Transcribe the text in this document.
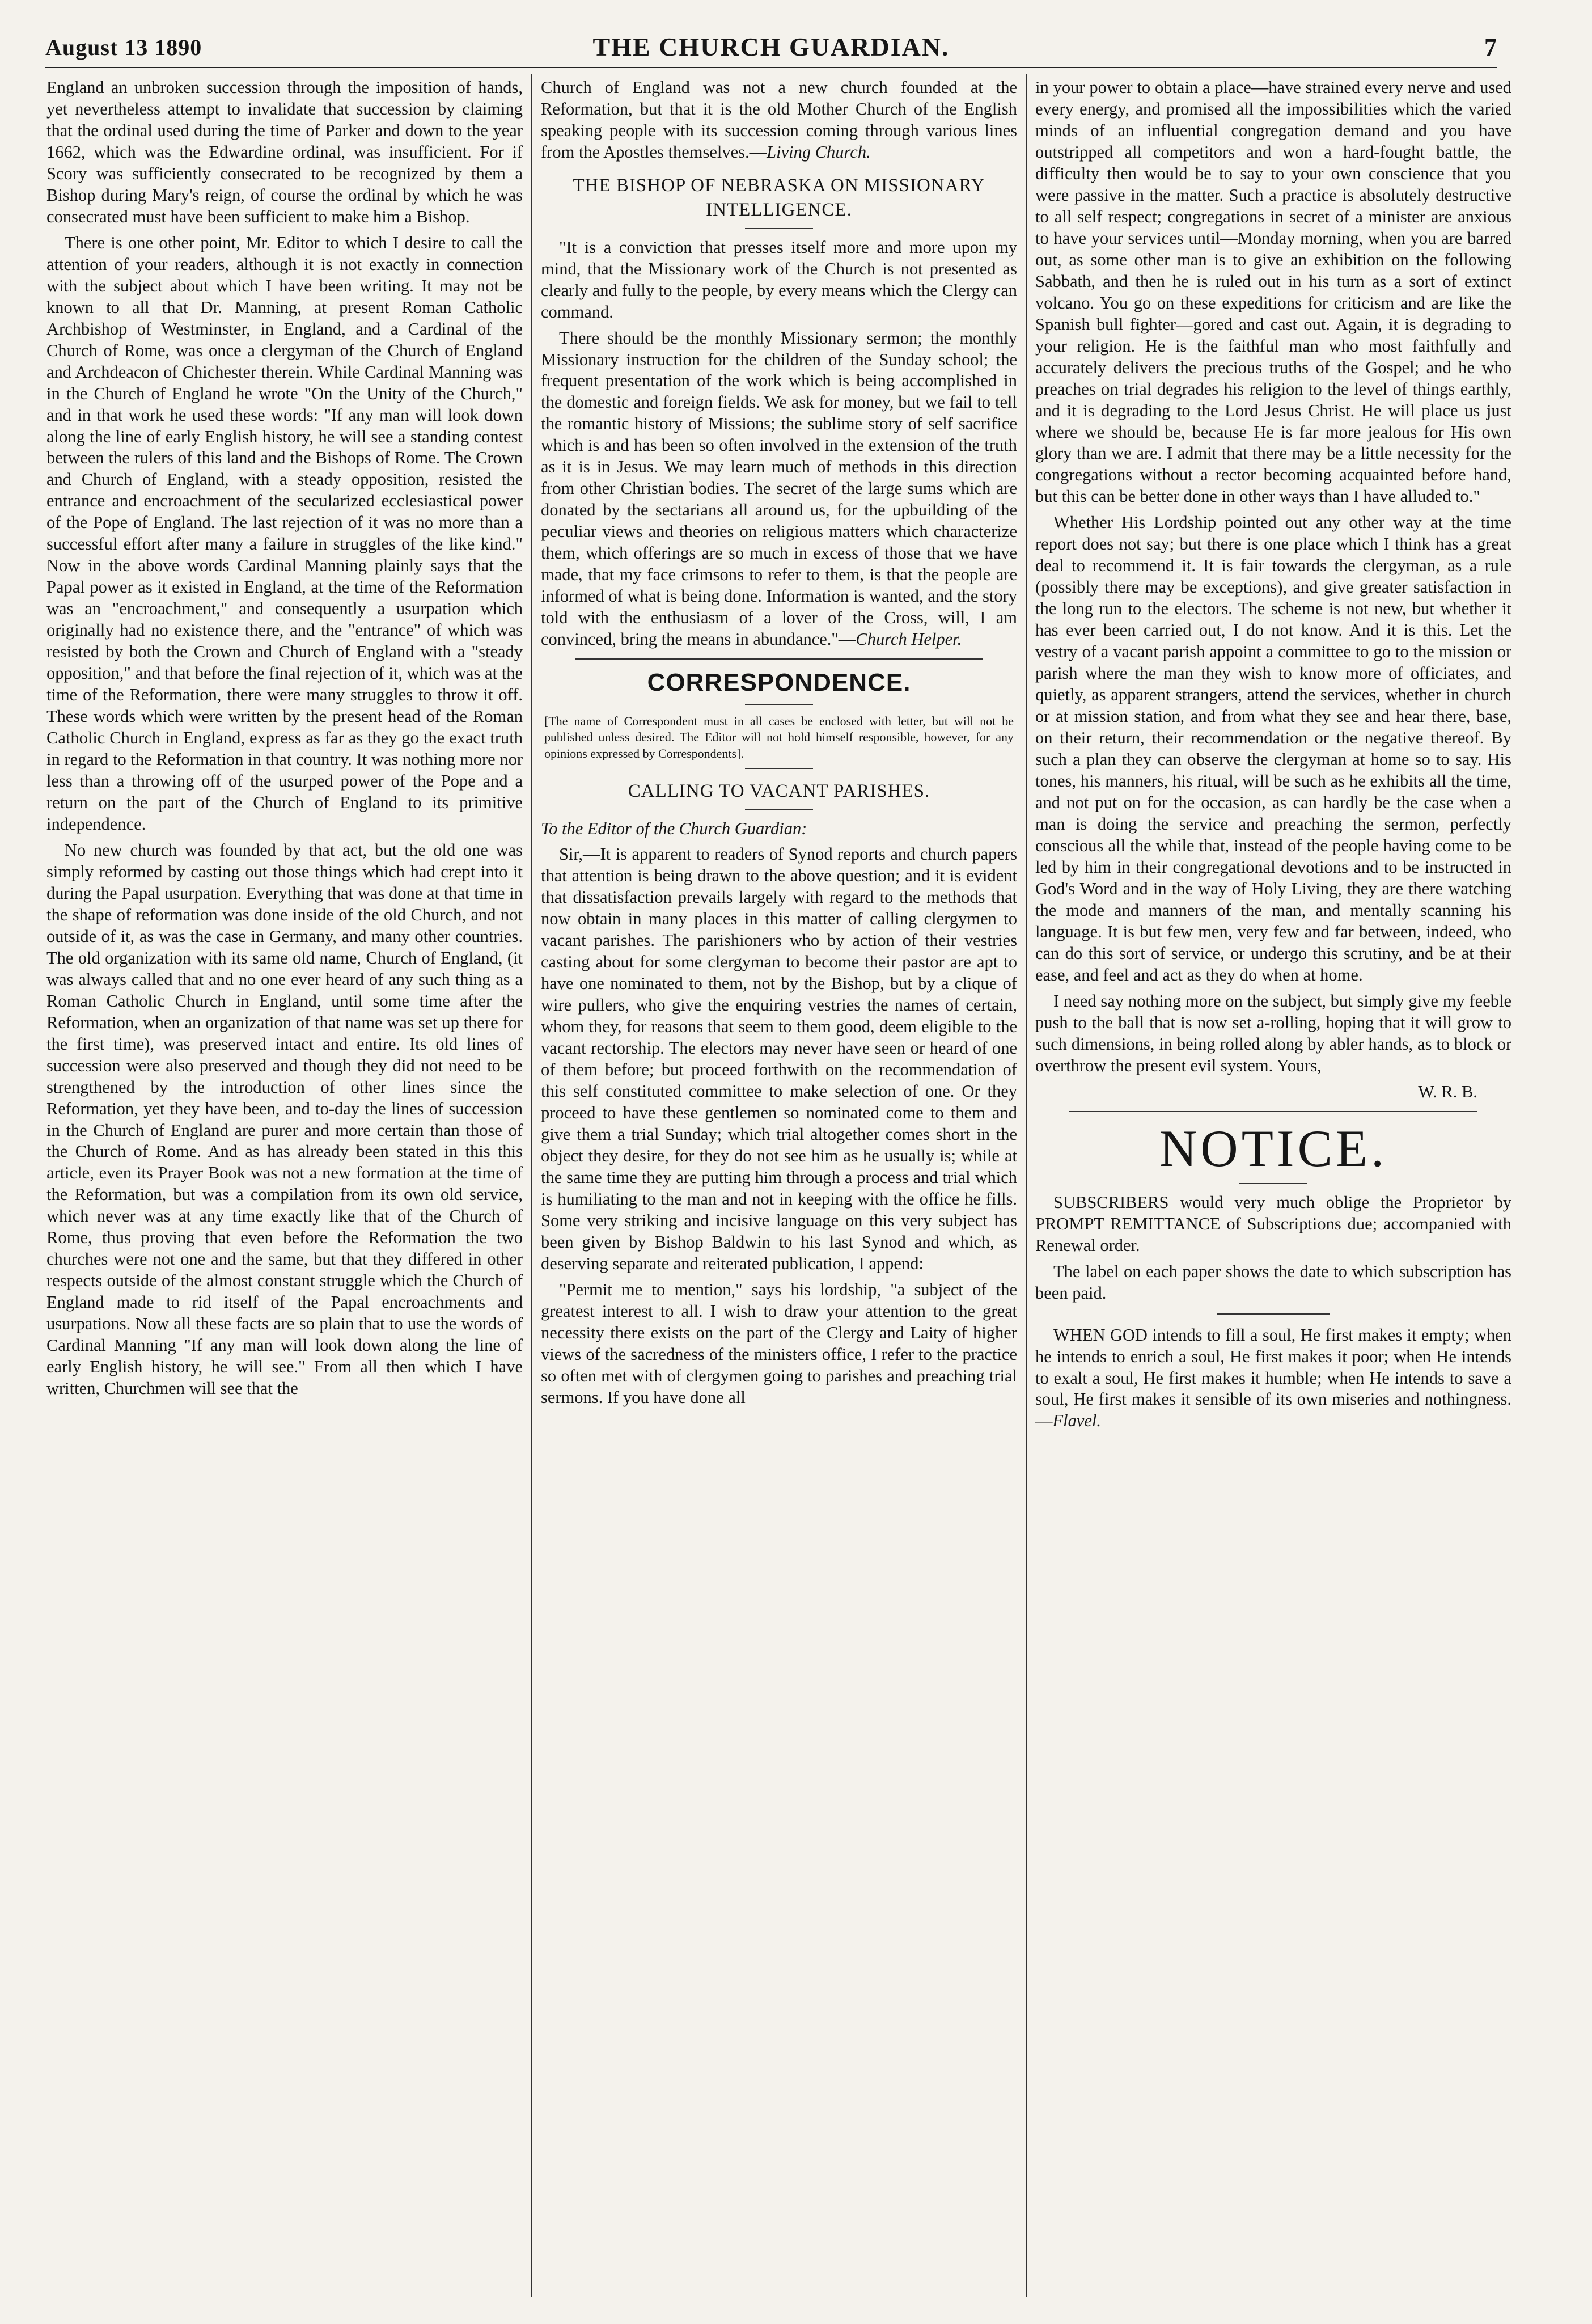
August 13 1890	THE CHURCH GUARDIAN.	7

England an unbroken succession through the imposition of hands, yet nevertheless attempt to invalidate that succession by claiming that the ordinal used during the time of Parker and down to the year 1662, which was the Edwardine ordinal, was insufficient. For if Scory was sufficiently consecrated to be recognized by them a Bishop during Mary's reign, of course the ordinal by which he was consecrated must have been sufficient to make him a Bishop.

There is one other point, Mr. Editor to which I desire to call the attention of your readers, although it is not exactly in connection with the subject about which I have been writing. It may not be known to all that Dr. Manning, at present Roman Catholic Archbishop of Westminster, in England, and a Cardinal of the Church of Rome, was once a clergyman of the Church of England and Archdeacon of Chichester therein. While Cardinal Manning was in the Church of England he wrote "On the Unity of the Church," and in that work he used these words: "If any man will look down along the line of early English history, he will see a standing contest between the rulers of this land and the Bishops of Rome. The Crown and Church of England, with a steady opposition, resisted the entrance and encroachment of the secularized ecclesiastical power of the Pope of England. The last rejection of it was no more than a successful effort after many a failure in struggles of the like kind." Now in the above words Cardinal Manning plainly says that the Papal power as it existed in England, at the time of the Reformation was an "encroachment," and consequently a usurpation which originally had no existence there, and the "entrance" of which was resisted by both the Crown and Church of England with a "steady opposition," and that before the final rejection of it, which was at the time of the Reformation, there were many struggles to throw it off. These words which were written by the present head of the Roman Catholic Church in England, express as far as they go the exact truth in regard to the Reformation in that country. It was nothing more nor less than a throwing off of the usurped power of the Pope and a return on the part of the Church of England to its primitive independence.

No new church was founded by that act, but the old one was simply reformed by casting out those things which had crept into it during the Papal usurpation. Everything that was done at that time in the shape of reformation was done inside of the old Church, and not outside of it, as was the case in Germany, and many other countries. The old organization with its same old name, Church of England, (it was always called that and no one ever heard of any such thing as a Roman Catholic Church in England, until some time after the Reformation, when an organization of that name was set up there for the first time), was preserved intact and entire. Its old lines of succession were also preserved and though they did not need to be strengthened by the introduction of other lines since the Reformation, yet they have been, and to-day the lines of succession in the Church of England are purer and more certain than those of the Church of Rome. And as has already been stated in this this article, even its Prayer Book was not a new formation at the time of the Reformation, but was a compilation from its own old service, which never was at any time exactly like that of the Church of Rome, thus proving that even before the Reformation the two churches were not one and the same, but that they differed in other respects outside of the almost constant struggle which the Church of England made to rid itself of the Papal encroachments and usurpations. Now all these facts are so plain that to use the words of Cardinal Manning "If any man will look down along the line of early English history, he will see." From all then which I have written, Churchmen will see that the

Church of England was not a new church founded at the Reformation, but that it is the old Mother Church of the English speaking people with its succession coming through various lines from the Apostles themselves.—Living Church.

THE BISHOP OF NEBRASKA ON MISSIONARY INTELLIGENCE.

"It is a conviction that presses itself more and more upon my mind, that the Missionary work of the Church is not presented as clearly and fully to the people, by every means which the Clergy can command.

There should be the monthly Missionary sermon; the monthly Missionary instruction for the children of the Sunday school; the frequent presentation of the work which is being accomplished in the domestic and foreign fields. We ask for money, but we fail to tell the romantic history of Missions; the sublime story of self sacrifice which is and has been so often involved in the extension of the truth as it is in Jesus. We may learn much of methods in this direction from other Christian bodies. The secret of the large sums which are donated by the sectarians all around us, for the upbuilding of the peculiar views and theories on religious matters which characterize them, which offerings are so much in excess of those that we have made, that my face crimsons to refer to them, is that the people are informed of what is being done. Information is wanted, and the story told with the enthusiasm of a lover of the Cross, will, I am convinced, bring the means in abundance."—Church Helper.

CORRESPONDENCE.
[The name of Correspondent must in all cases be enclosed with letter, but will not be published unless desired. The Editor will not hold himself responsible, however, for any opinions expressed by Correspondents].
CALLING TO VACANT PARISHES.

To the Editor of the Church Guardian:

Sir,—It is apparent to readers of Synod reports and church papers that attention is being drawn to the above question; and it is evident that dissatisfaction prevails largely with regard to the methods that now obtain in many places in this matter of calling clergymen to vacant parishes. The parishioners who by action of their vestries casting about for some clergyman to become their pastor are apt to have one nominated to them, not by the Bishop, but by a clique of wire pullers, who give the enquiring vestries the names of certain, whom they, for reasons that seem to them good, deem eligible to the vacant rectorship. The electors may never have seen or heard of one of them before; but proceed forthwith on the recommendation of this self constituted committee to make selection of one. Or they proceed to have these gentlemen so nominated come to them and give them a trial Sunday; which trial altogether comes short in the object they desire, for they do not see him as he usually is; while at the same time they are putting him through a process and trial which is humiliating to the man and not in keeping with the office he fills. Some very striking and incisive language on this very subject has been given by Bishop Baldwin to his last Synod and which, as deserving separate and reiterated publication, I append:

"Permit me to mention," says his lordship, "a subject of the greatest interest to all. I wish to draw your attention to the great necessity there exists on the part of the Clergy and Laity of higher views of the sacredness of the ministers office, I refer to the practice so often met with of clergymen going to parishes and preaching trial sermons. If you have done all

in your power to obtain a place—have strained every nerve and used every energy, and promised all the impossibilities which the varied minds of an influential congregation demand and you have outstripped all competitors and won a hard-fought battle, the difficulty then would be to say to your own conscience that you were passive in the matter. Such a practice is absolutely destructive to all self respect; congregations in secret of a minister are anxious to have your services until—Monday morning, when you are barred out, as some other man is to give an exhibition on the following Sabbath, and then he is ruled out in his turn as a sort of extinct volcano. You go on these expeditions for criticism and are like the Spanish bull fighter—gored and cast out. Again, it is degrading to your religion. He is the faithful man who most faithfully and accurately delivers the precious truths of the Gospel; and he who preaches on trial degrades his religion to the level of things earthly, and it is degrading to the Lord Jesus Christ. He will place us just where we should be, because He is far more jealous for His own glory than we are. I admit that there may be a little necessity for the congregations without a rector becoming acquainted before hand, but this can be better done in other ways than I have alluded to."

Whether His Lordship pointed out any other way at the time report does not say; but there is one place which I think has a great deal to recommend it. It is fair towards the clergyman, as a rule (possibly there may be exceptions), and give greater satisfaction in the long run to the electors. The scheme is not new, but whether it has ever been carried out, I do not know. And it is this. Let the vestry of a vacant parish appoint a committee to go to the mission or parish where the man they wish to know more of officiates, and quietly, as apparent strangers, attend the services, whether in church or at mission station, and from what they see and hear there, base, on their return, their recommendation or the negative thereof. By such a plan they can observe the clergyman at home so to say. His tones, his manners, his ritual, will be such as he exhibits all the time, and not put on for the occasion, as can hardly be the case when a man is doing the service and preaching the sermon, perfectly conscious all the while that, instead of the people having come to be led by him in their congregational devotions and to be instructed in God's Word and in the way of Holy Living, they are there watching the mode and manners of the man, and mentally scanning his language. It is but few men, very few and far between, indeed, who can do this sort of service, or undergo this scrutiny, and be at their ease, and feel and act as they do when at home.

I need say nothing more on the subject, but simply give my feeble push to the ball that is now set a-rolling, hoping that it will grow to such dimensions, in being rolled along by abler hands, as to block or overthrow the present evil system. Yours,

W. R. B.
NOTICE.

SUBSCRIBERS would very much oblige the Proprietor by PROMPT REMITTANCE of Subscriptions due; accompanied with Renewal order.

The label on each paper shows the date to which subscription has been paid.

WHEN GOD intends to fill a soul, He first makes it empty; when he intends to enrich a soul, He first makes it poor; when He intends to exalt a soul, He first makes it humble; when He intends to save a soul, He first makes it sensible of its own miseries and nothingness.—Flavel.
